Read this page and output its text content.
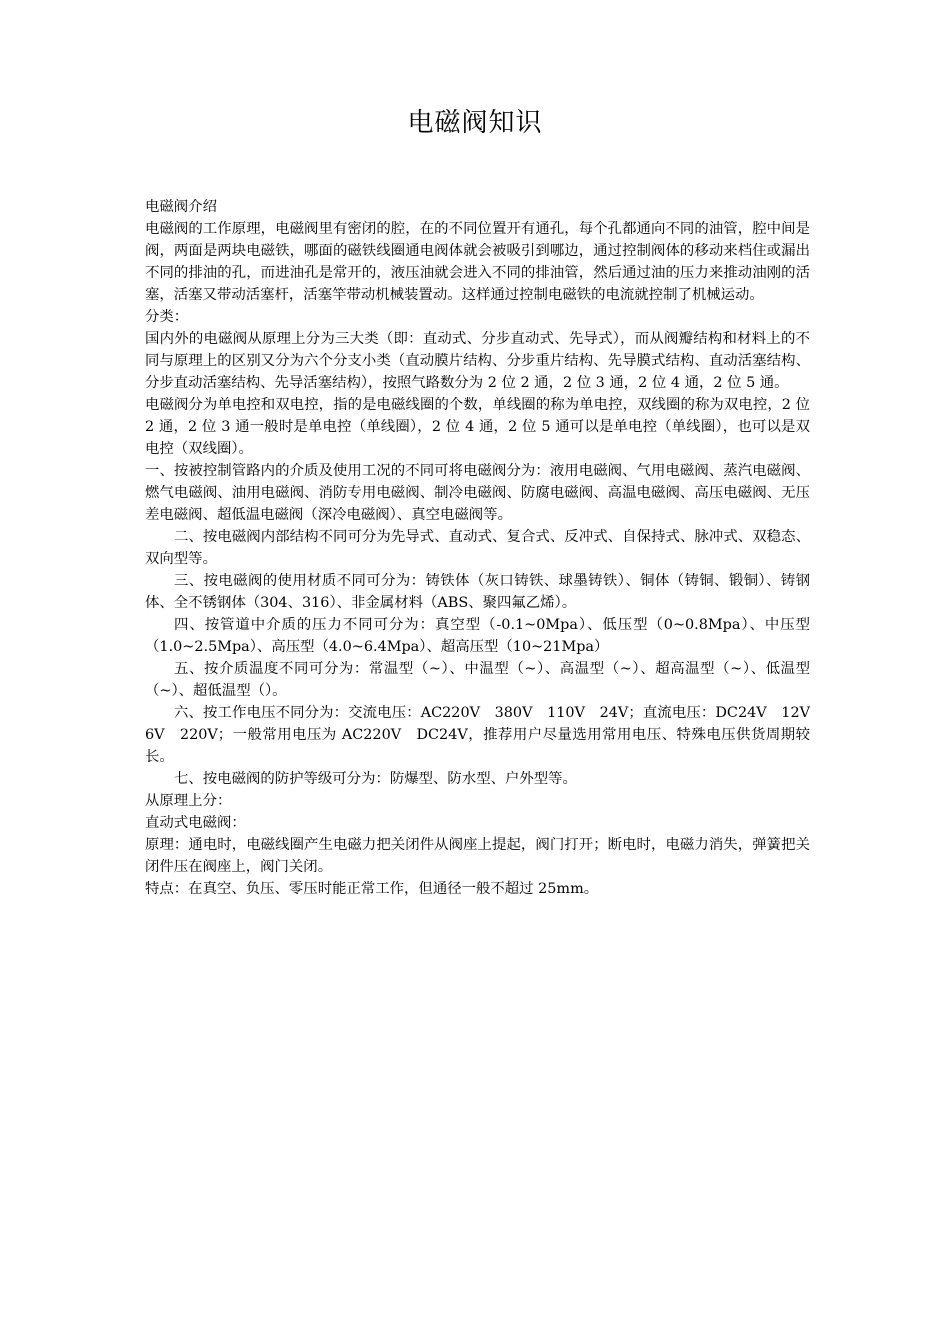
电磁阀知识

电磁阀介绍

电磁阀的工作原理，电磁阀里有密闭的腔，在的不同位置开有通孔，每个孔都通向不同的油管，腔中间是阀，两面是两块电磁铁，哪面的磁铁线圈通电阀体就会被吸引到哪边，通过控制阀体的移动来档住或漏出不同的排油的孔，而进油孔是常开的，液压油就会进入不同的排油管，然后通过油的压力来推动油刚的活塞，活塞又带动活塞杆，活塞竿带动机械装置动。这样通过控制电磁铁的电流就控制了机械运动。

分类：

国内外的电磁阀从原理上分为三大类（即：直动式、分步直动式、先导式），而从阀瓣结构和材料上的不同与原理上的区别又分为六个分支小类（直动膜片结构、分步重片结构、先导膜式结构、直动活塞结构、分步直动活塞结构、先导活塞结构），按照气路数分为 2 位 2 通，2 位 3 通，2 位 4 通，2 位 5 通。

电磁阀分为单电控和双电控，指的是电磁线圈的个数，单线圈的称为单电控，双线圈的称为双电控，2 位 2 通，2 位 3 通一般时是单电控（单线圈），2 位 4 通，2 位 5 通可以是单电控（单线圈），也可以是双电控（双线圈）。

一、按被控制管路内的介质及使用工况的不同可将电磁阀分为：液用电磁阀、气用电磁阀、蒸汽电磁阀、燃气电磁阀、油用电磁阀、消防专用电磁阀、制冷电磁阀、防腐电磁阀、高温电磁阀、高压电磁阀、无压差电磁阀、超低温电磁阀（深冷电磁阀）、真空电磁阀等。

二、按电磁阀内部结构不同可分为先导式、直动式、复合式、反冲式、自保持式、脉冲式、双稳态、双向型等。

三、按电磁阀的使用材质不同可分为：铸铁体（灰口铸铁、球墨铸铁）、铜体（铸铜、锻铜）、铸钢体、全不锈钢体（304、316）、非金属材料（ABS、聚四氟乙烯）。

四、按管道中介质的压力不同可分为：真空型（-0.1~0Mpa）、低压型（0~0.8Mpa）、中压型（1.0~2.5Mpa）、高压型（4.0~6.4Mpa）、超高压型（10~21Mpa）

五、按介质温度不同可分为：常温型（~）、中温型（~）、高温型（~）、超高温型（~）、低温型（~）、超低温型（）。

六、按工作电压不同分为：交流电压：AC220V　380V　110V　24V；直流电压：DC24V　12V　6V　220V；一般常用电压为 AC220V　DC24V，推荐用户尽量选用常用电压、特殊电压供货周期较长。

七、按电磁阀的防护等级可分为：防爆型、防水型、户外型等。

从原理上分：

直动式电磁阀：

原理：通电时，电磁线圈产生电磁力把关闭件从阀座上提起，阀门打开；断电时，电磁力消失，弹簧把关闭件压在阀座上，阀门关闭。

特点：在真空、负压、零压时能正常工作，但通径一般不超过 25mm。
